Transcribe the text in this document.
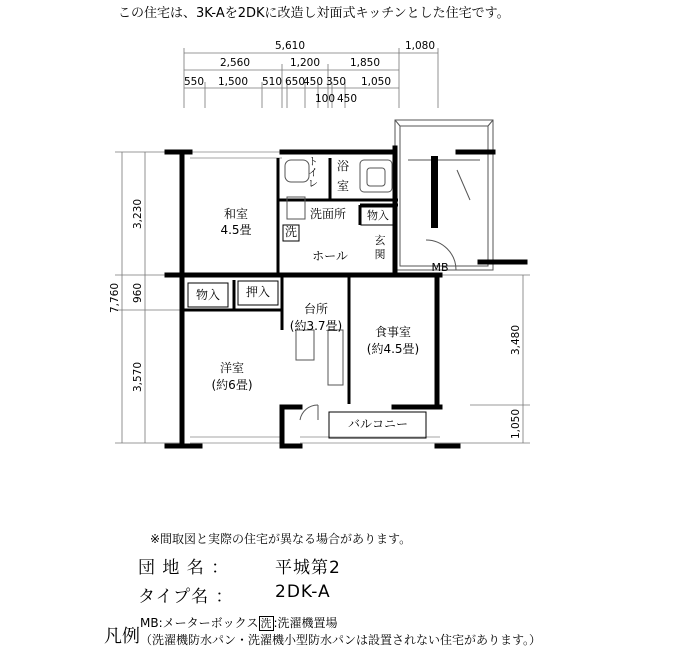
この住宅は、3K-Aを2DKに改造し対面式キッチンとした住宅です。
5,610	1,080
2,560	1,200	1,850
550 1,500 510 650
450 350 1,050
100 450
7,760
3,230
960
3,570
3,480
1,050
和室
4.5畳
浴
室
洗面所
洗
物入
玄
関
ホール
MB
物入 押入
台所
(約3.7畳)	食事室
(約4.5畳)
洋室
(約6畳)
バルコニー
ト
イ
レ
※間取図と実際の住宅が異なる場合があります。
団 地 名 ：	平城第2
タイプ名 ： 2DK-A
凡例
MB:メーターボックス 洗 :洗濯機置場
（洗濯機防水パン・洗濯機小型防水パンは設置されない住宅があります。）
